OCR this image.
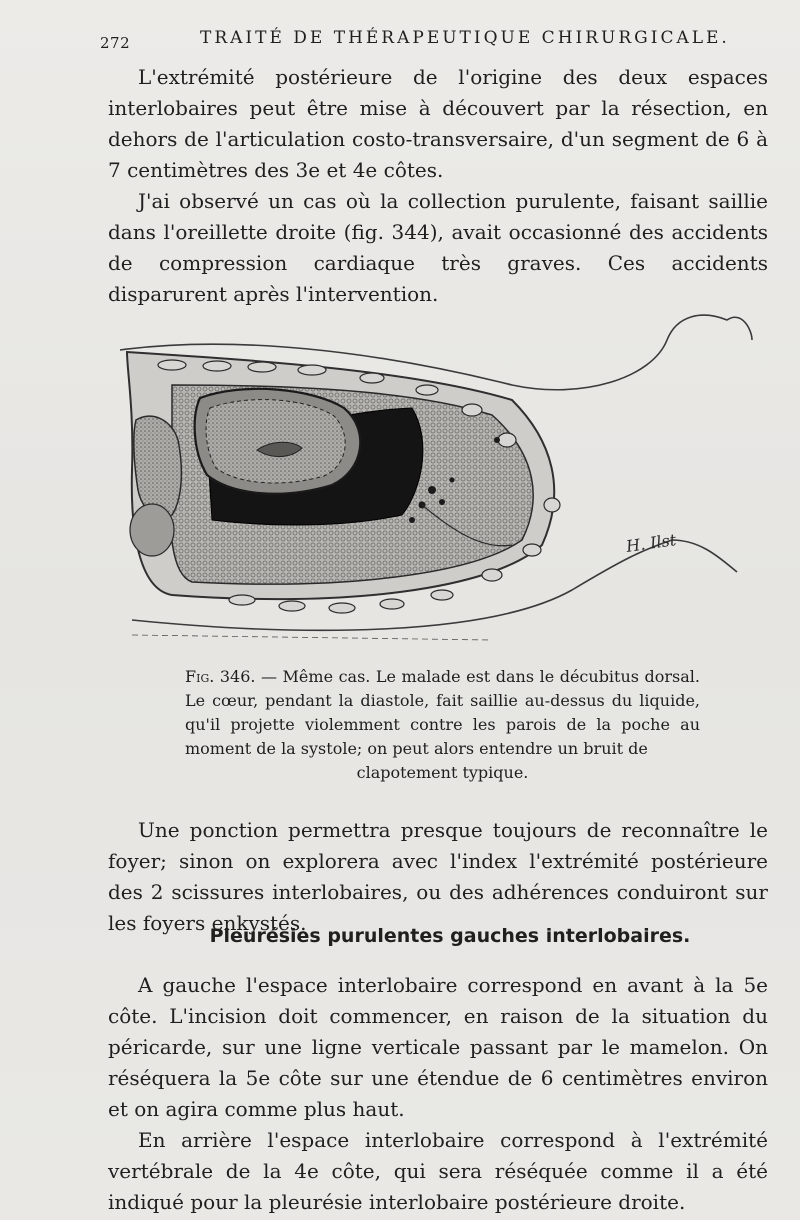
272	TRAITÉ DE THÉRAPEUTIQUE CHIRURGICALE.

L'extrémité postérieure de l'origine des deux espaces interlobaires peut être mise à découvert par la résection, en dehors de l'articulation costo-transversaire, d'un segment de 6 à 7 centimètres des 3e et 4e côtes.

J'ai observé un cas où la collection purulente, faisant saillie dans l'oreillette droite (fig. 344), avait occasionné des accidents de compression cardiaque très graves. Ces accidents disparurent après l'intervention.

H. Ilst
Fig. 346. — Même cas. Le malade est dans le décubitus dorsal. Le cœur, pendant la diastole, fait saillie au-dessus du liquide, qu'il projette violemment contre les parois de la poche au moment de la systole; on peut alors entendre un bruit de
clapotement typique.

Une ponction permettra presque toujours de reconnaître le foyer; sinon on explorera avec l'index l'extrémité postérieure des 2 scissures interlobaires, ou des adhérences conduiront sur les foyers enkystés.

Pleurésies purulentes gauches interlobaires.

A gauche l'espace interlobaire correspond en avant à la 5e côte. L'incision doit commencer, en raison de la situation du péricarde, sur une ligne verticale passant par le mamelon. On réséquera la 5e côte sur une étendue de 6 centimètres environ et on agira comme plus haut.

En arrière l'espace interlobaire correspond à l'extrémité vertébrale de la 4e côte, qui sera réséquée comme il a été indiqué pour la pleurésie interlobaire postérieure droite.
